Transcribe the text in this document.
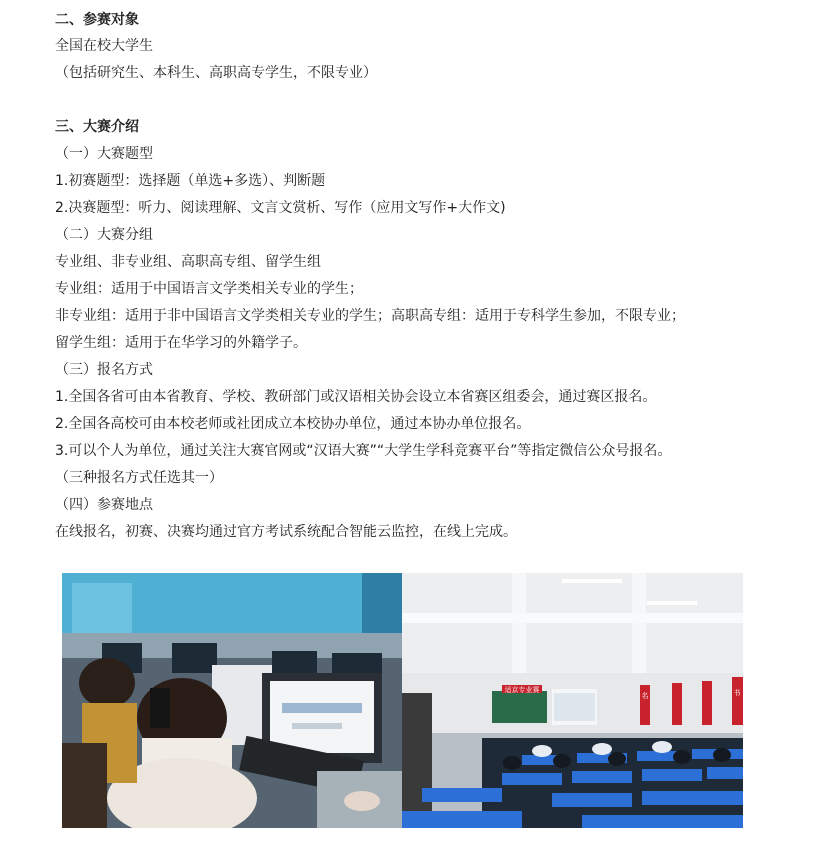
二、参赛对象
全国在校大学生
（包括研究生、本科生、高职高专学生，不限专业）
三、大赛介绍
（一）大赛题型
1.初赛题型：选择题（单选+多选）、判断题
2.决赛题型：听力、阅读理解、文言文赏析、写作（应用文写作+大作文)
（二）大赛分组
专业组、非专业组、高职高专组、留学生组
专业组：适用于中国语言文学类相关专业的学生；
非专业组：适用于非中国语言文学类相关专业的学生；高职高专组：适用于专科学生参加，不限专业；
留学生组：适用于在华学习的外籍学子。
（三）报名方式
1.全国各省可由本省教育、学校、教研部门或汉语相关协会设立本省赛区组委会，通过赛区报名。
2.全国各高校可由本校老师或社团成立本校协办单位，通过本协办单位报名。
3.可以个人为单位，通过关注大赛官网或“汉语大赛”“大学生学科竞赛平台”等指定微信公众号报名。
（三种报名方式任选其一）
（四）参赛地点
在线报名，初赛、决赛均通过官方考试系统配合智能云监控，在线上完成。
适京专业赛
名	书
